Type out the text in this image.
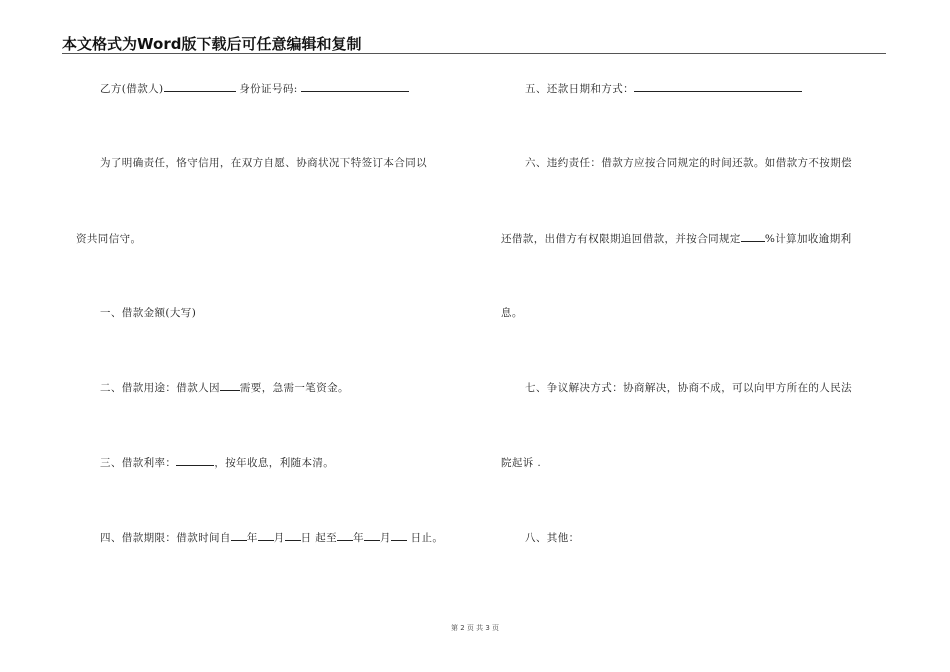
本文格式为Word版下载后可任意编辑和复制
乙方(借款人)	身份证号码:
为了明确责任，恪守信用，在双方自愿、协商状况下特签订本合同以
资共同信守。
一、借款金额(大写)
二、借款用途：借款人因 需要，急需一笔资金。
三、借款利率：	，按年收息，利随本清。
四、借款期限：借款时间自 年 月 日 起至 年 月 日止。
五、还款日期和方式：
六、违约责任：借款方应按合同规定的时间还款。如借款方不按期偿
还借款，出借方有权限期追回借款，并按合同规定 %计算加收逾期利
息。
七、争议解决方式：协商解决，协商不成，可以向甲方所在的人民法
院起诉 .
八、其他：
第 2 页 共 3 页
